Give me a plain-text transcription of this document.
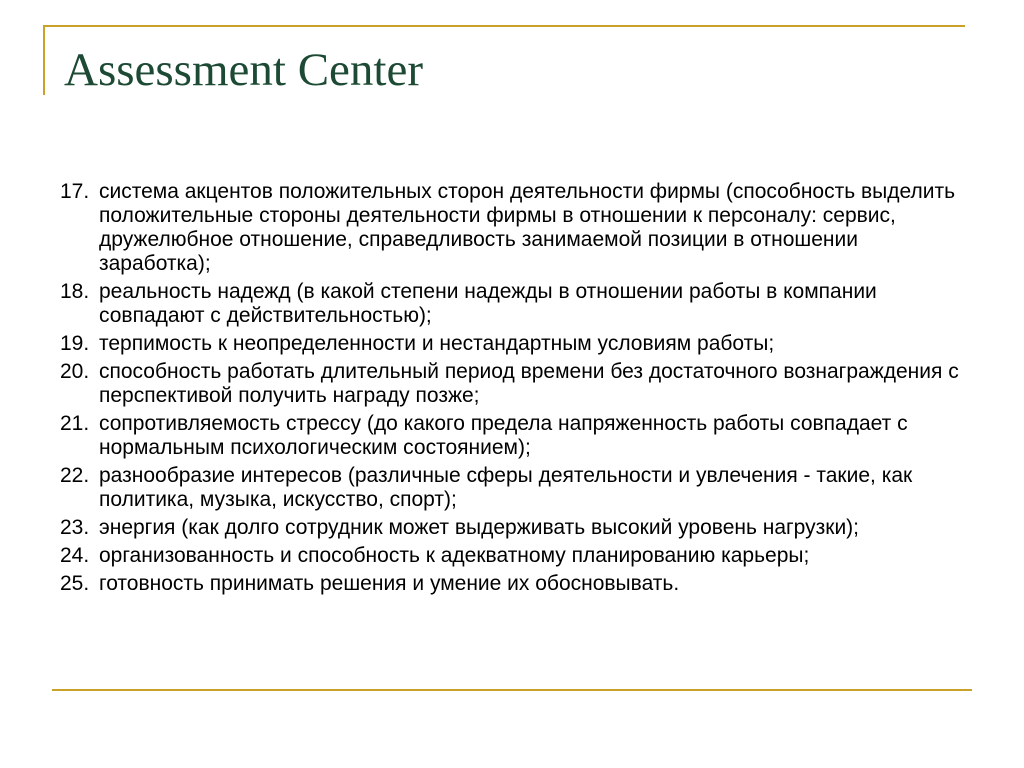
Assessment Center
17. система акцентов положительных сторон деятельности фирмы (способность выделить положительные стороны деятельности фирмы в отношении к персоналу: сервис, дружелюбное отношение, справедливость занимаемой позиции в отношении заработка);
18. реальность надежд (в какой степени надежды в отношении работы в компании совпадают с действительностью);
19. терпимость к неопределенности и нестандартным условиям работы;
20. способность работать длительный период времени без достаточного вознаграждения с перспективой получить награду позже;
21. сопротивляемость стрессу (до какого предела напряженность работы совпадает с нормальным психологическим состоянием);
22. разнообразие интересов (различные сферы деятельности и увлечения - такие, как политика, музыка, искусство, спорт);
23. энергия (как долго сотрудник может выдерживать высокий уровень нагрузки);
24. организованность и способность к адекватному планированию карьеры;
25. готовность принимать решения и умение их обосновывать.
